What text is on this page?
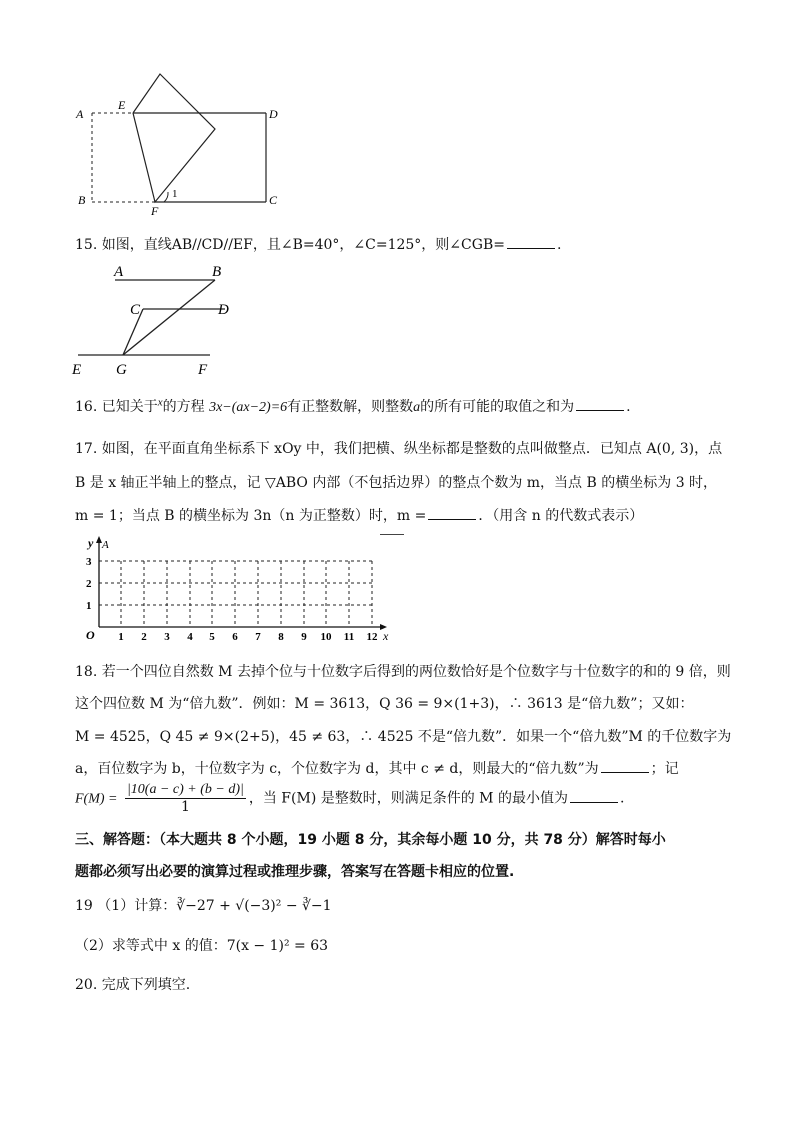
A
E
D
B	C
F
1
15. 如图，直线AB//CD//EF，且∠B=40°，∠C=125°，则∠CGB=	.
A	B
C	D
E G	F
16. 已知关于$^x$的方程 3x−(ax−2)=6有正整数解，则整数a的所有可能的取值之和为	.
17. 如图，在平面直角坐标系下 xOy 中，我们把横、纵坐标都是整数的点叫做整点．已知点 A(0, 3)，点
B 是 x 轴正半轴上的整点，记 ▽ABO 内部（不包括边界）的整点个数为 m，当点 B 的横坐标为 3 时，
m = 1；当点 B 的横坐标为 3n（n 为正整数）时，m =	．（用含 n 的代数式表示）
y A
x
O
3
2
1
1 2 3 4 5 6 7 8 9 10 11 12
18. 若一个四位自然数 M 去掉个位与十位数字后得到的两位数恰好是个位数字与十位数字的和的 9 倍，则
这个四位数 M 为“倍九数”．例如：M = 3613，Q 36 = 9×(1+3)，∴ 3613 是“倍九数”；又如：
M = 4525，Q 45 ≠ 9×(2+5)，45 ≠ 63，∴ 4525 不是“倍九数”．如果一个“倍九数”M 的千位数字为
a，百位数字为 b，十位数字为 c，个位数字为 d，其中 c ≠ d，则最大的“倍九数”为	；记
$F(M) = \frac{|10(a - c) + (b - d)|}{1}$ ，当 F(M) 是整数时，则满足条件的 M 的最小值为	.
三、解答题：（本大题共 8 个小题，19 小题 8 分，其余每小题 10 分，共 78 分）解答时每小
题都必须写出必要的演算过程或推理步骤，答案写在答题卡相应的位置.
19 （1）计算：∛−27 + √(−3)² − ∛−1
（2）求等式中 x 的值：7(x − 1)² = 63
20. 完成下列填空.
